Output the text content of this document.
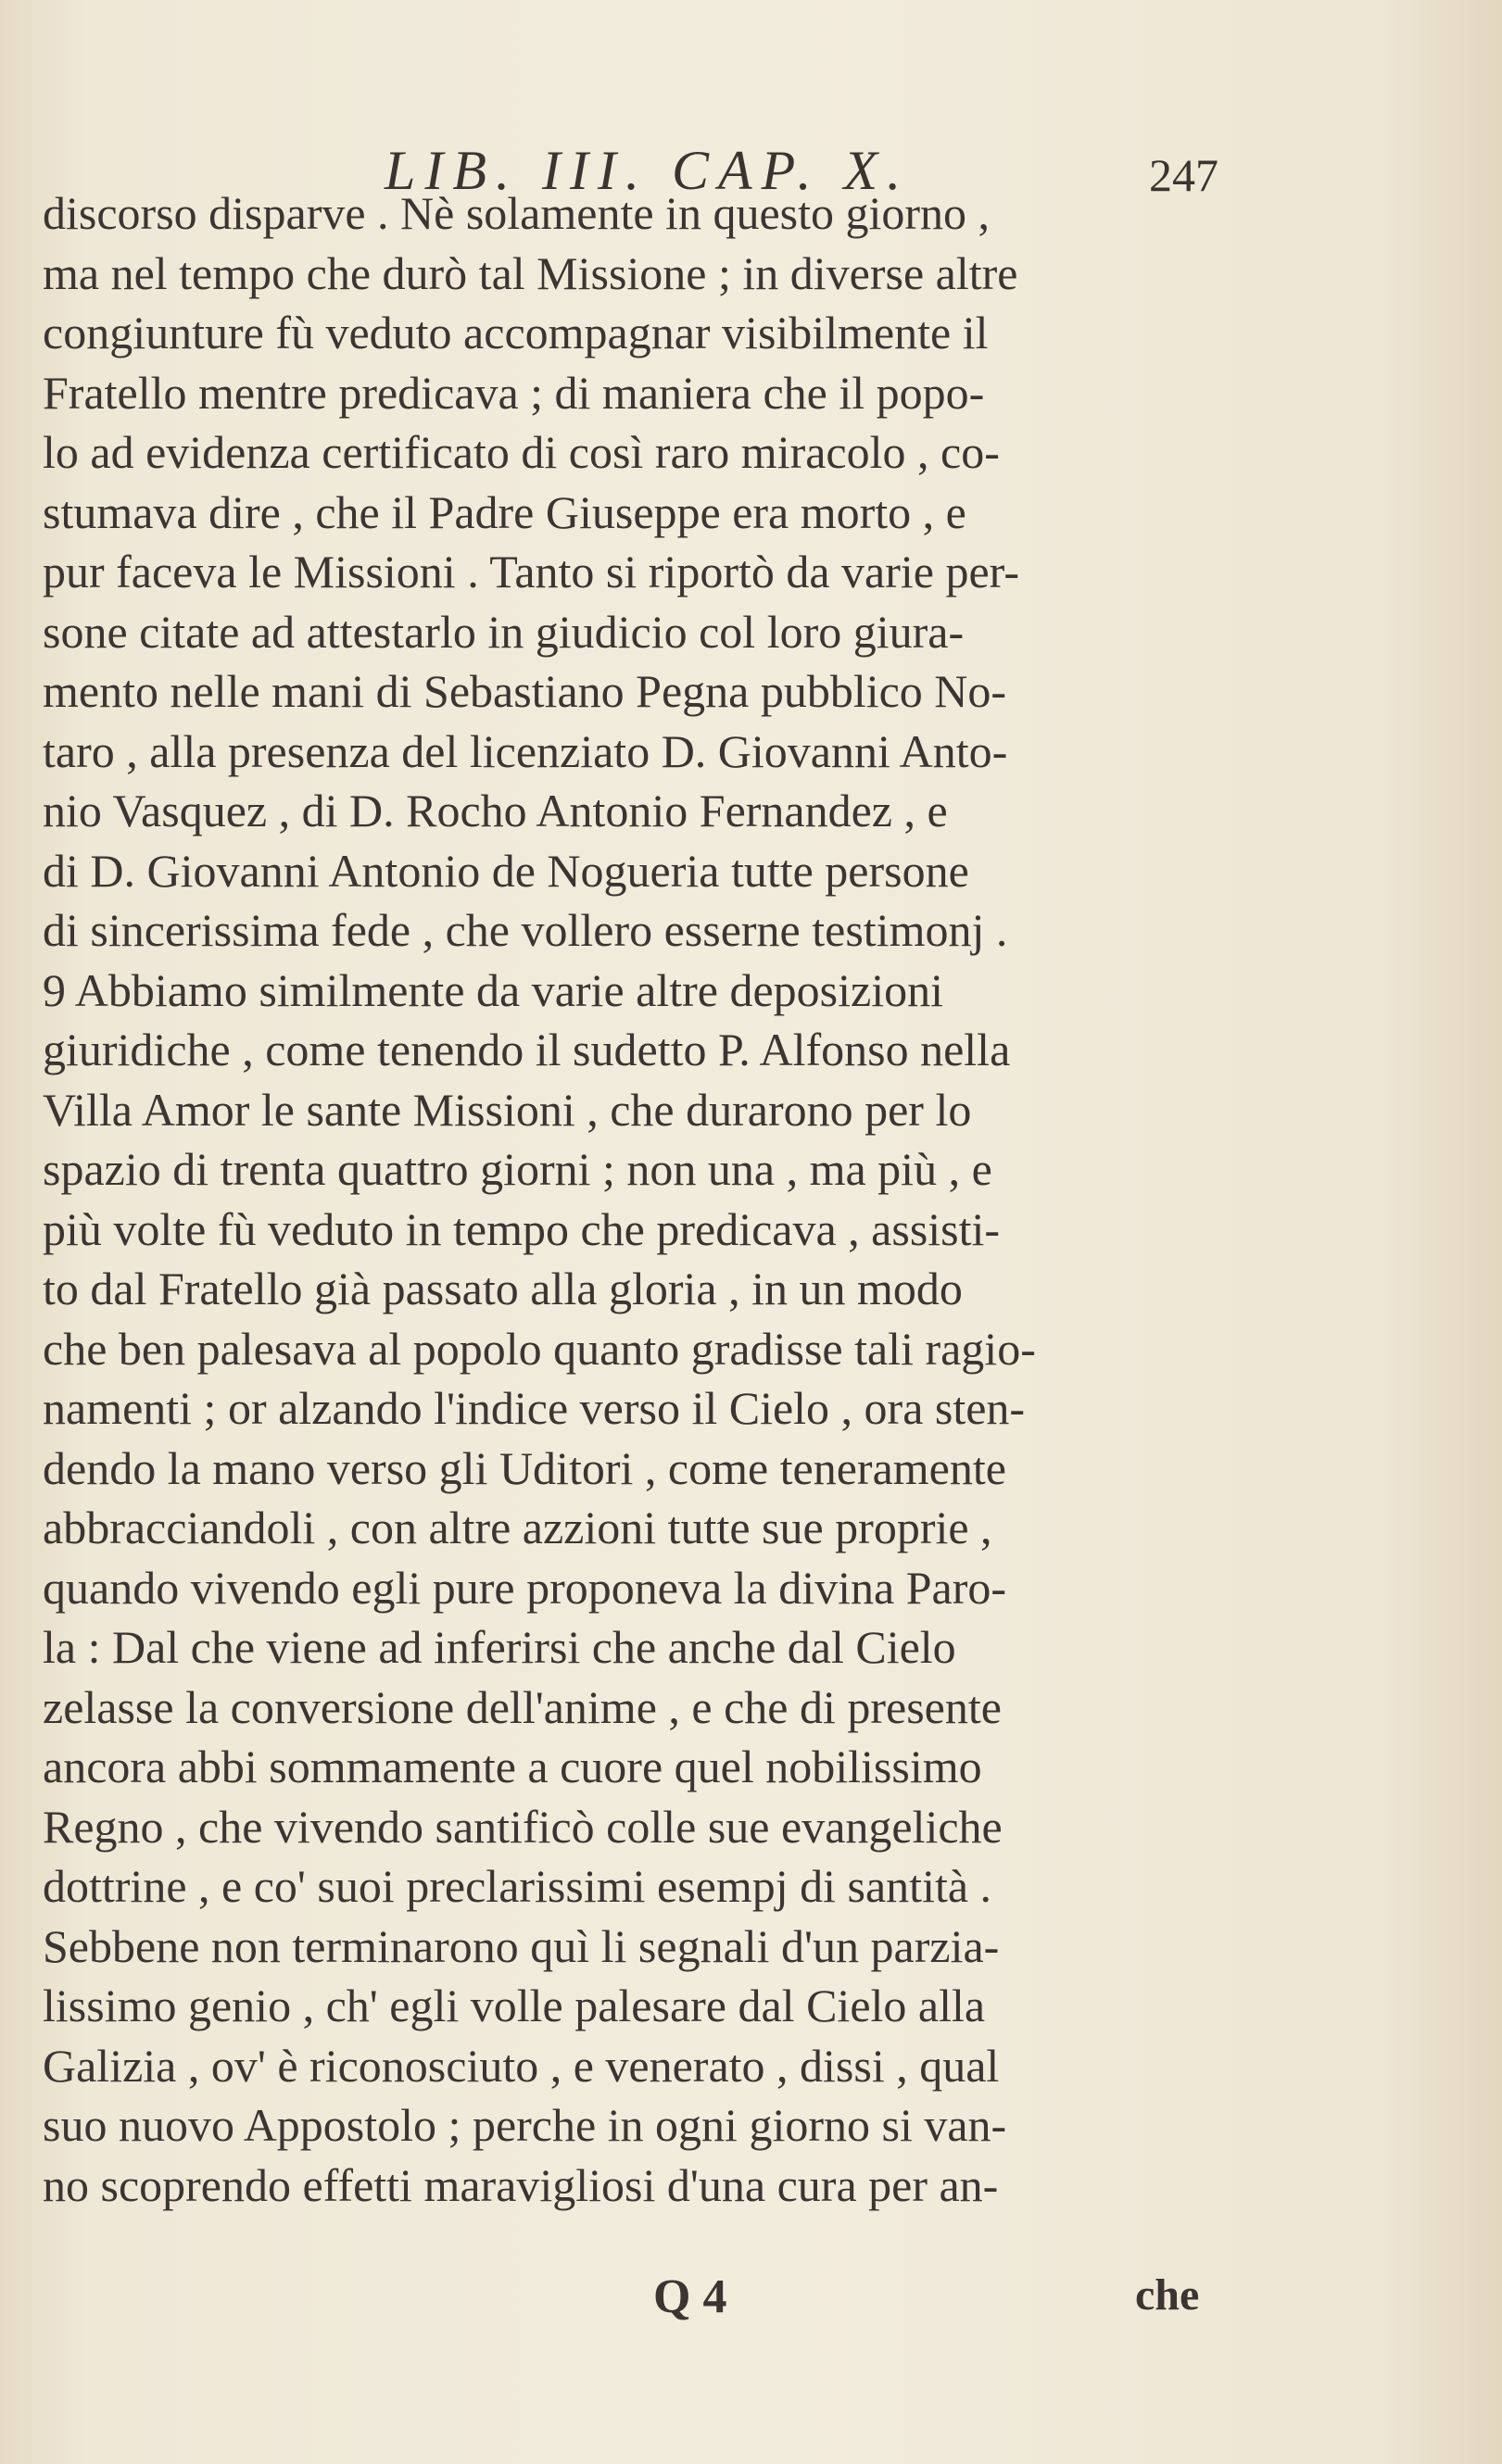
LIB. III. CAP. X.	247
discorso disparve . Nè solamente in questo giorno ,
ma nel tempo che durò tal Missione ; in diverse altre
congiunture fù veduto accompagnar visibilmente il
Fratello mentre predicava ; di maniera che il popo-
lo ad evidenza certificato di così raro miracolo , co-
stumava dire , che il Padre Giuseppe era morto , e
pur faceva le Missioni . Tanto si riportò da varie per-
sone citate ad attestarlo in giudicio col loro giura-
mento nelle mani di Sebastiano Pegna pubblico No-
taro , alla presenza del licenziato D. Giovanni Anto-
nio Vasquez , di D. Rocho Antonio Fernandez , e
di D. Giovanni Antonio de Nogueria tutte persone
di sincerissima fede , che vollero esserne testimonj .
9 Abbiamo similmente da varie altre deposizioni
giuridiche , come tenendo il sudetto P. Alfonso nella
Villa Amor le sante Missioni , che durarono per lo
spazio di trenta quattro giorni ; non una , ma più , e
più volte fù veduto in tempo che predicava , assisti-
to dal Fratello già passato alla gloria , in un modo
che ben palesava al popolo quanto gradisse tali ragio-
namenti ; or alzando l'indice verso il Cielo , ora sten-
dendo la mano verso gli Uditori , come teneramente
abbracciandoli , con altre azzioni tutte sue proprie ,
quando vivendo egli pure proponeva la divina Paro-
la : Dal che viene ad inferirsi che anche dal Cielo
zelasse la conversione dell'anime , e che di presente
ancora abbi sommamente a cuore quel nobilissimo
Regno , che vivendo santificò colle sue evangeliche
dottrine , e co' suoi preclarissimi esempj di santità .
Sebbene non terminarono quì li segnali d'un parzia-
lissimo genio , ch' egli volle palesare dal Cielo alla
Galizia , ov' è riconosciuto , e venerato , dissi , qual
suo nuovo Appostolo ; perche in ogni giorno si van-
no scoprendo effetti maravigliosi d'una cura per an-
Q 4	che
